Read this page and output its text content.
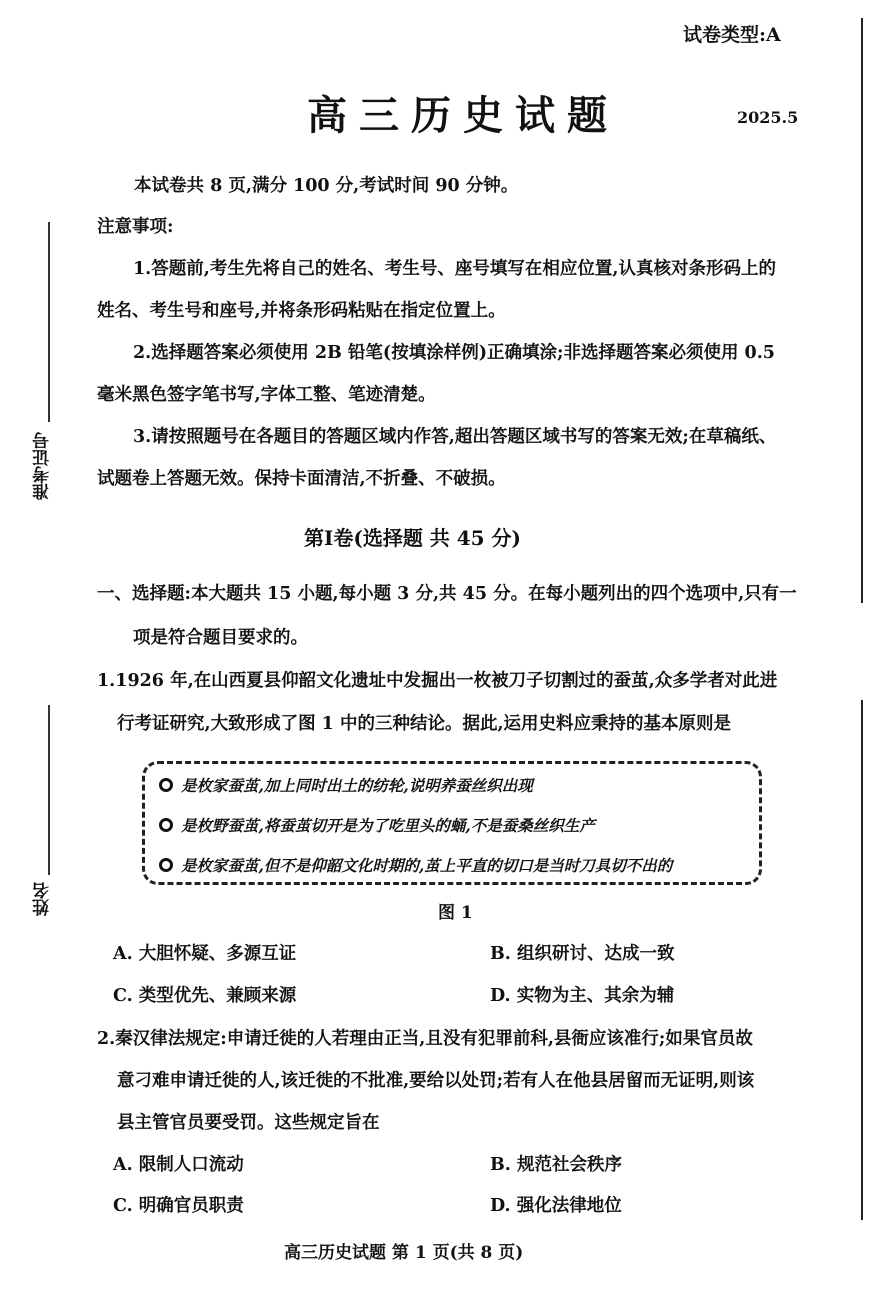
准考证号
姓名
试卷类型:A
高三历史试题	2025.5
本试卷共 8 页,满分 100 分,考试时间 90 分钟。
注意事项:
1.答题前,考生先将自己的姓名、考生号、座号填写在相应位置,认真核对条形码上的
姓名、考生号和座号,并将条形码粘贴在指定位置上。
2.选择题答案必须使用 2B 铅笔(按填涂样例)正确填涂;非选择题答案必须使用 0.5
毫米黑色签字笔书写,字体工整、笔迹清楚。
3.请按照题号在各题目的答题区域内作答,超出答题区域书写的答案无效;在草稿纸、
试题卷上答题无效。保持卡面清洁,不折叠、不破损。
第Ⅰ卷(选择题 共 45 分)
一、选择题:本大题共 15 小题,每小题 3 分,共 45 分。在每小题列出的四个选项中,只有一
项是符合题目要求的。
1.1926 年,在山西夏县仰韶文化遗址中发掘出一枚被刀子切割过的蚕茧,众多学者对此进
行考证研究,大致形成了图 1 中的三种结论。据此,运用史料应秉持的基本原则是
是枚家蚕茧,加上同时出土的纺轮,说明养蚕丝织出现
是枚野蚕茧,将蚕茧切开是为了吃里头的蛹,不是蚕桑丝织生产
是枚家蚕茧,但不是仰韶文化时期的,茧上平直的切口是当时刀具切不出的
图 1
A. 大胆怀疑、多源互证	B. 组织研讨、达成一致
C. 类型优先、兼顾来源	D. 实物为主、其余为辅
2.秦汉律法规定:申请迁徙的人若理由正当,且没有犯罪前科,县衙应该准行;如果官员故
意刁难申请迁徙的人,该迁徙的不批准,要给以处罚;若有人在他县居留而无证明,则该
县主管官员要受罚。这些规定旨在
A. 限制人口流动	B. 规范社会秩序
C. 明确官员职责	D. 强化法律地位
高三历史试题 第 1 页(共 8 页)
